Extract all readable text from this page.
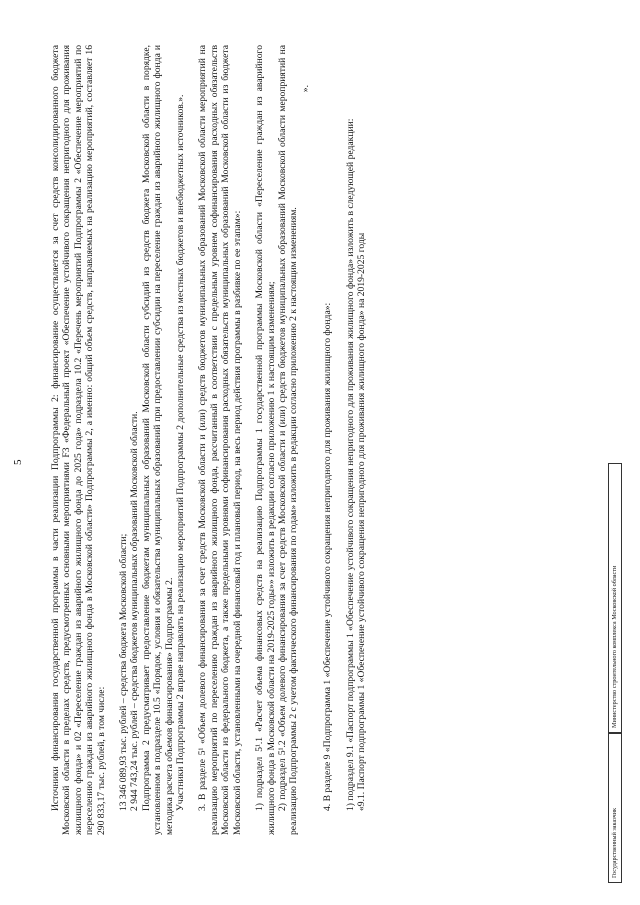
5	Источники финансирования государственной программы в части реализации Подпрограммы 2: финансирование осуществляется за счет средств консолидированного бюджета Московской области в пределах средств, предусмотренных основными мероприятиями F3 «Федеральный проект «Обеспечение устойчивого сокращения непригодного для проживания жилищного фонда» и 02 «Переселение граждан из аварийного жилищного фонда до 2025 года» подраздела 10.2 «Перечень мероприятий Подпрограммы 2 «Обеспечение мероприятий по переселению граждан из аварийного жилищного фонда в Московской области» Подпрограммы 2, а именно: общий объем средств, направляемых на реализацию мероприятий, составляет 16 290 833,17 тыс. рублей, в том числе: 13 346 089,93 тыс. рублей – средства бюджета Московской области; 2 944 743,24 тыс. рублей – средства бюджетов муниципальных образований Московской области. Подпрограмма 2 предусматривает предоставление бюджетам муниципальных образований Московской области субсидий из средств бюджета Московской области в порядке, установленном в подразделе 10.5 «Порядок, условия и обязательства муниципальных образований при предоставлении субсидии на переселение граждан из аварийного жилищного фонда и методика расчета объемов финансирования» Подпрограммы 2. Участники Подпрограммы 2 вправе направлять на реализацию мероприятий Подпрограммы 2 дополнительные средства из местных бюджетов и внебюджетных источников.». 3. В разделе 5¹ «Объем долевого финансирования за счет средств Московской области и (или) средств бюджетов муниципальных образований Московской области мероприятий на реализацию мероприятий по переселению граждан из аварийного жилищного фонда, рассчитанный в соответствии с предельным уровнем софинансирования расходных обязательств Московской области из федерального бюджета, а также предельными уровнями софинансирования расходных обязательств муниципальных образований Московской области из бюджета Московской области, установленными на очередной финансовый год и плановый период, на весь период действия программы в разбивке по ее этапам»: 1) подраздел 5¹.1 «Расчет объема финансовых средств на реализацию Подпрограммы 1 государственной программы Московской области «Переселение граждан из аварийного жилищного фонда в Московской области на 2019-2025 годы»» изложить в редакции согласно приложению 1 к настоящим изменениям; 2) подраздел 5¹.2 «Объем долевого финансирования за счет средств Московской области и (или) средств бюджетов муниципальных образований Московской области мероприятий на реализацию Подпрограммы 2 с учетом фактического финансирования по годам» изложить в редакции согласно приложению 2 к настоящим изменениям.

».

4. В разделе 9 «Подпрограмма 1 «Обеспечение устойчивого сокращения непригодного для проживания жилищного фонда»: 1) подраздел 9.1 «Паспорт подпрограммы 1 «Обеспечение устойчивого сокращения непригодного для проживания жилищного фонда» изложить в следующей редакции: «9.1. Паспорт подпрограммы 1 «Обеспечение устойчивого сокращения непригодного для проживания жилищного фонда» на 2019-2025 годы

Государственный заказчик
Министерство строительного комплекса Московской области
